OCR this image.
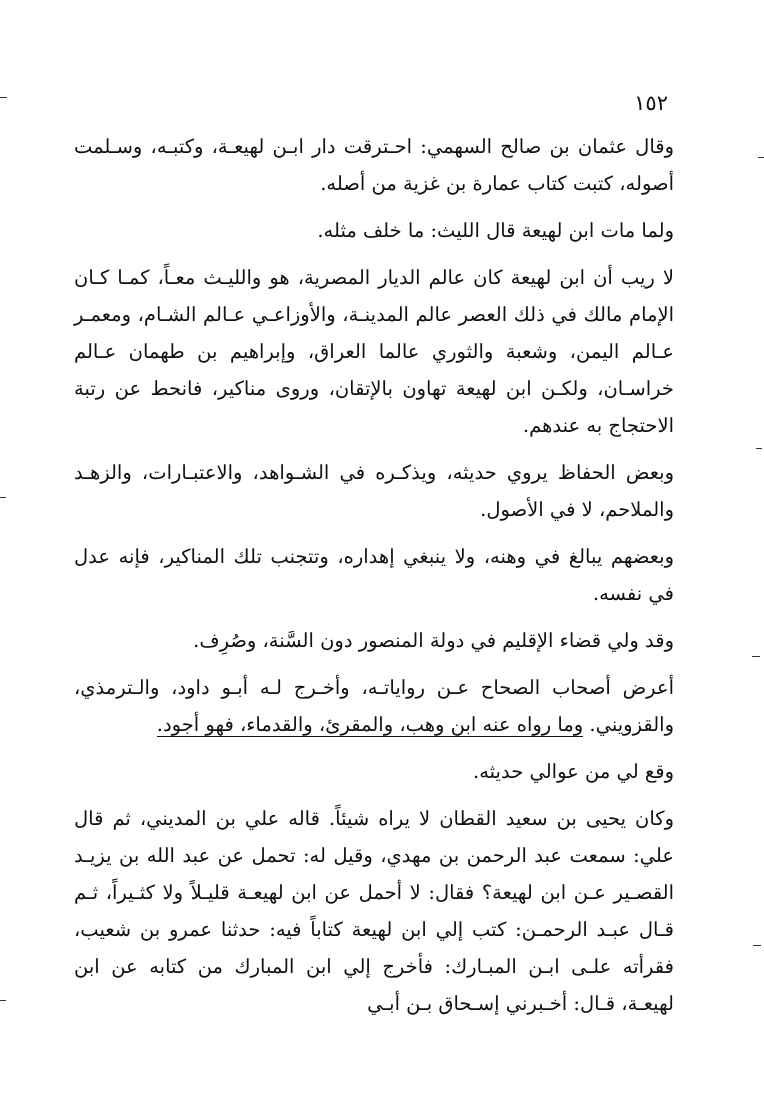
١٥٢

وقال عثمان بن صالح السهمي: احـترقت دار ابـن لهيعـة، وكتبـه، وسـلمت أصوله، كتبت كتاب عمارة بن غزية من أصله.

ولما مات ابن لهيعة قال الليث: ما خلف مثله.

لا ريب أن ابن لهيعة كان عالم الديار المصرية، هو والليـث معـاً، كمـا كـان الإمام مالك في ذلك العصر عالم المدينـة، والأوزاعـي عـالم الشـام، ومعمـر عـالم اليمن، وشعبة والثوري عالما العراق، وإبراهيم بن طهمان عـالم خراسـان، ولكـن ابن لهيعة تهاون بالإتقان، وروى مناكير، فانحط عن رتبة الاحتجاج به عندهم.

وبعض الحفاظ يروي حديثه، ويذكـره في الشـواهد، والاعتبـارات، والزهـد والملاحم، لا في الأصول.

وبعضهم يبالغ في وهنه، ولا ينبغي إهداره، وتتجنب تلك المناكير، فإنه عدل في نفسه.

وقد ولي قضاء الإقليم في دولة المنصور دون السَّنة، وصُرِف.

أعرض أصحاب الصحاح عـن رواياتـه، وأخـرج لـه أبـو داود، والـترمذي، والقزويني. وما رواه عنه ابن وهب، والمقرئ، والقدماء، فهو أجود.

وقع لي من عوالي حديثه.

وكان يحيى بن سعيد القطان لا يراه شيئاً. قاله علي بن المديني، ثم قال علي: سمعت عبد الرحمن بن مهدي، وقيل له: تحمل عن عبد الله بن يزيـد القصـير عـن ابن لهيعة؟ فقال: لا أحمل عن ابن لهيعـة قليـلاً ولا كثـيراً، ثـم قـال عبـد الرحمـن: كتب إلي ابن لهيعة كتاباً فيه: حدثنا عمرو بن شعيب، فقرأته علـى ابـن المبـارك: فأخرج إلي ابن المبارك من كتابه عن ابن لهيعـة، قـال: أخـبرني إسـحاق بـن أبـي
